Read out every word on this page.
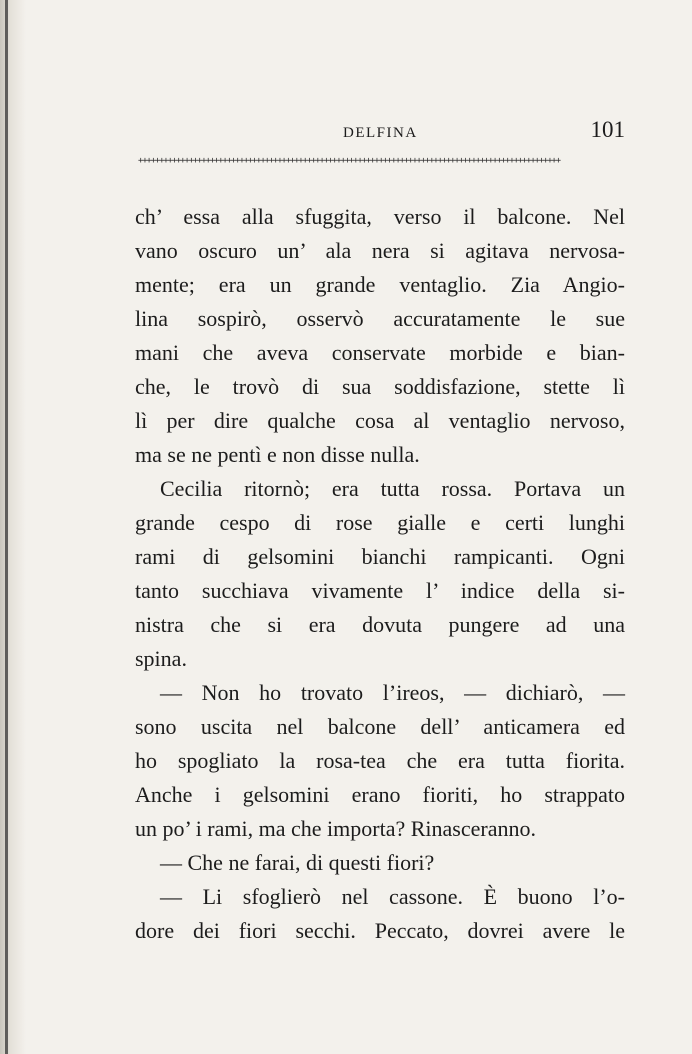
DELFINA	101
++++++++++++++++++++++++++++++++++++++++++++++++++++++++++++++++++++++++++++++++++++++++++++++++++++
ch’ essa alla sfuggita, verso il balcone. Nel
vano oscuro un’ ala nera si agitava nervosa-
mente; era un grande ventaglio. Zia Angio-
lina sospirò, osservò accuratamente le sue
mani che aveva conservate morbide e bian-
che, le trovò di sua soddisfazione, stette lì
lì per dire qualche cosa al ventaglio nervoso,
ma se ne pentì e non disse nulla.
Cecilia ritornò; era tutta rossa. Portava un
grande cespo di rose gialle e certi lunghi
rami di gelsomini bianchi rampicanti. Ogni
tanto succhiava vivamente l’ indice della si-
nistra che si era dovuta pungere ad una
spina.
— Non ho trovato l’ireos, — dichiarò, —
sono uscita nel balcone dell’ anticamera ed
ho spogliato la rosa-tea che era tutta fiorita.
Anche i gelsomini erano fioriti, ho strappato
un po’ i rami, ma che importa? Rinasceranno.
— Che ne farai, di questi fiori?
— Li sfoglierò nel cassone. È buono l’o-
dore dei fiori secchi. Peccato, dovrei avere le
